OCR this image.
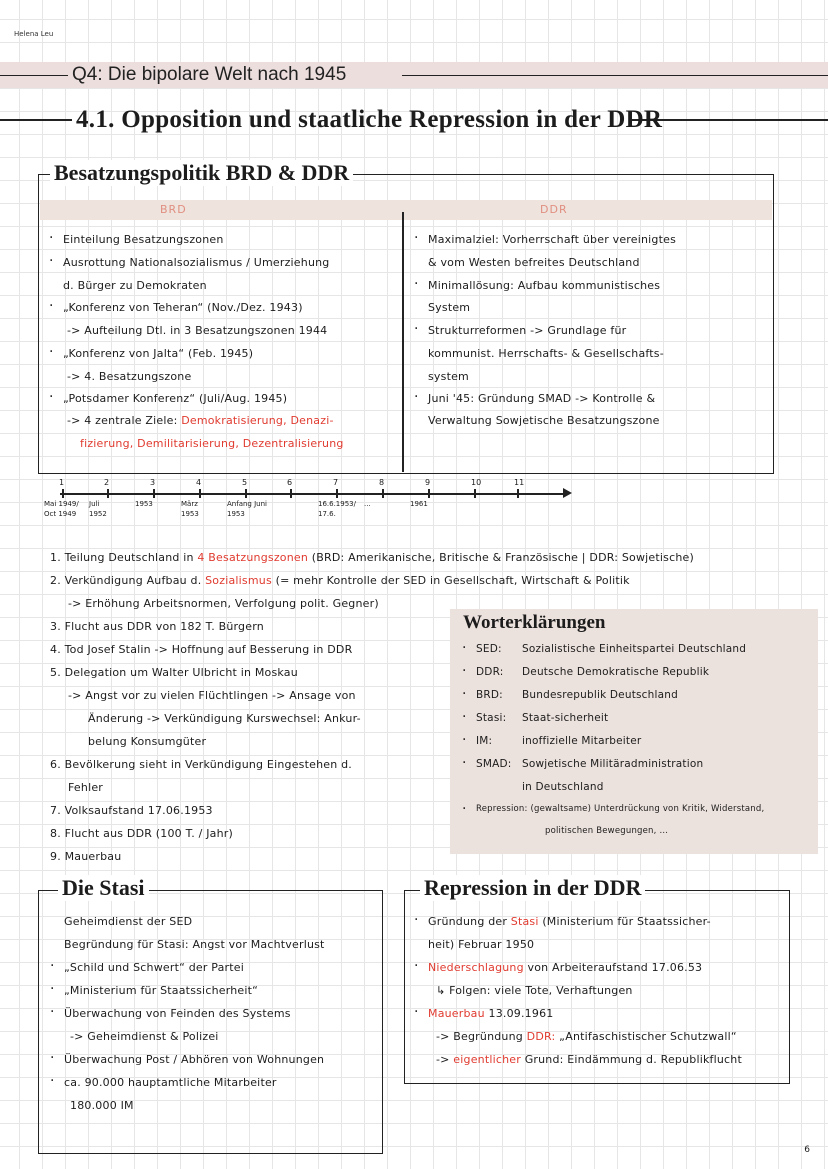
Helena Leu
Q4: Die bipolare Welt nach 1945
4.1. Opposition und staatliche Repression in der DDR
Besatzungspolitik BRD & DDR
BRD	DDR
· Einteilung Besatzungszonen
· Ausrottung Nationalsozialismus / Umerziehung
d. Bürger zu Demokraten
· „Konferenz von Teheran“ (Nov./Dez. 1943)
-> Aufteilung Dtl. in 3 Besatzungszonen 1944
· „Konferenz von Jalta“ (Feb. 1945)
-> 4. Besatzungszone
· „Potsdamer Konferenz“ (Juli/Aug. 1945)
-> 4 zentrale Ziele: Demokratisierung, Denazi-
fizierung, Demilitarisierung, Dezentralisierung
· Maximalziel: Vorherrschaft über vereinigtes
& vom Westen befreites Deutschland
· Minimallösung: Aufbau kommunistisches
System
· Strukturreformen -> Grundlage für
kommunist. Herrschafts- & Gesellschafts-
system
· Juni '45: Gründung SMAD -> Kontrolle &
Verwaltung Sowjetische Besatzungszone
1
Mai 1949/
Oct 1949
2
Juli
1952
3
1953
4
März
1953
5
Anfang Juni
1953
6	7
16.6.1953/
17.6.
8
...
9
1961
10	11
1. Teilung Deutschland in 4 Besatzungszonen (BRD: Amerikanische, Britische & Französische | DDR: Sowjetische)
2. Verkündigung Aufbau d. Sozialismus (= mehr Kontrolle der SED in Gesellschaft, Wirtschaft & Politik
-> Erhöhung Arbeitsnormen, Verfolgung polit. Gegner)
3. Flucht aus DDR von 182 T. Bürgern
4. Tod Josef Stalin -> Hoffnung auf Besserung in DDR
5. Delegation um Walter Ulbricht in Moskau
-> Angst vor zu vielen Flüchtlingen -> Ansage von
Änderung -> Verkündigung Kurswechsel: Ankur-
belung Konsumgüter
6. Bevölkerung sieht in Verkündigung Eingestehen d.
Fehler
7. Volksaufstand 17.06.1953
8. Flucht aus DDR (100 T. / Jahr)
9. Mauerbau
Worterklärungen
· SED: Sozialistische Einheitspartei Deutschland
· DDR: Deutsche Demokratische Republik
· BRD: Bundesrepublik Deutschland
· Stasi: Staat-sicherheit
· IM:	inoffizielle Mitarbeiter
· SMAD: Sowjetische Militäradministration
in Deutschland
· Repression: (gewaltsame) Unterdrückung von Kritik, Widerstand,
politischen Bewegungen, ...
Die Stasi
Geheimdienst der SED
Begründung für Stasi: Angst vor Machtverlust
· „Schild und Schwert“ der Partei
· „Ministerium für Staatssicherheit“
· Überwachung von Feinden des Systems
-> Geheimdienst & Polizei
· Überwachung Post / Abhören von Wohnungen
· ca. 90.000 hauptamtliche Mitarbeiter
180.000 IM
Repression in der DDR
· Gründung der Stasi (Ministerium für Staatssicher-
heit) Februar 1950
· Niederschlagung von Arbeiteraufstand 17.06.53
↳ Folgen: viele Tote, Verhaftungen
· Mauerbau 13.09.1961
-> Begründung DDR: „Antifaschistischer Schutzwall“
-> eigentlicher Grund: Eindämmung d. Republikflucht
6
